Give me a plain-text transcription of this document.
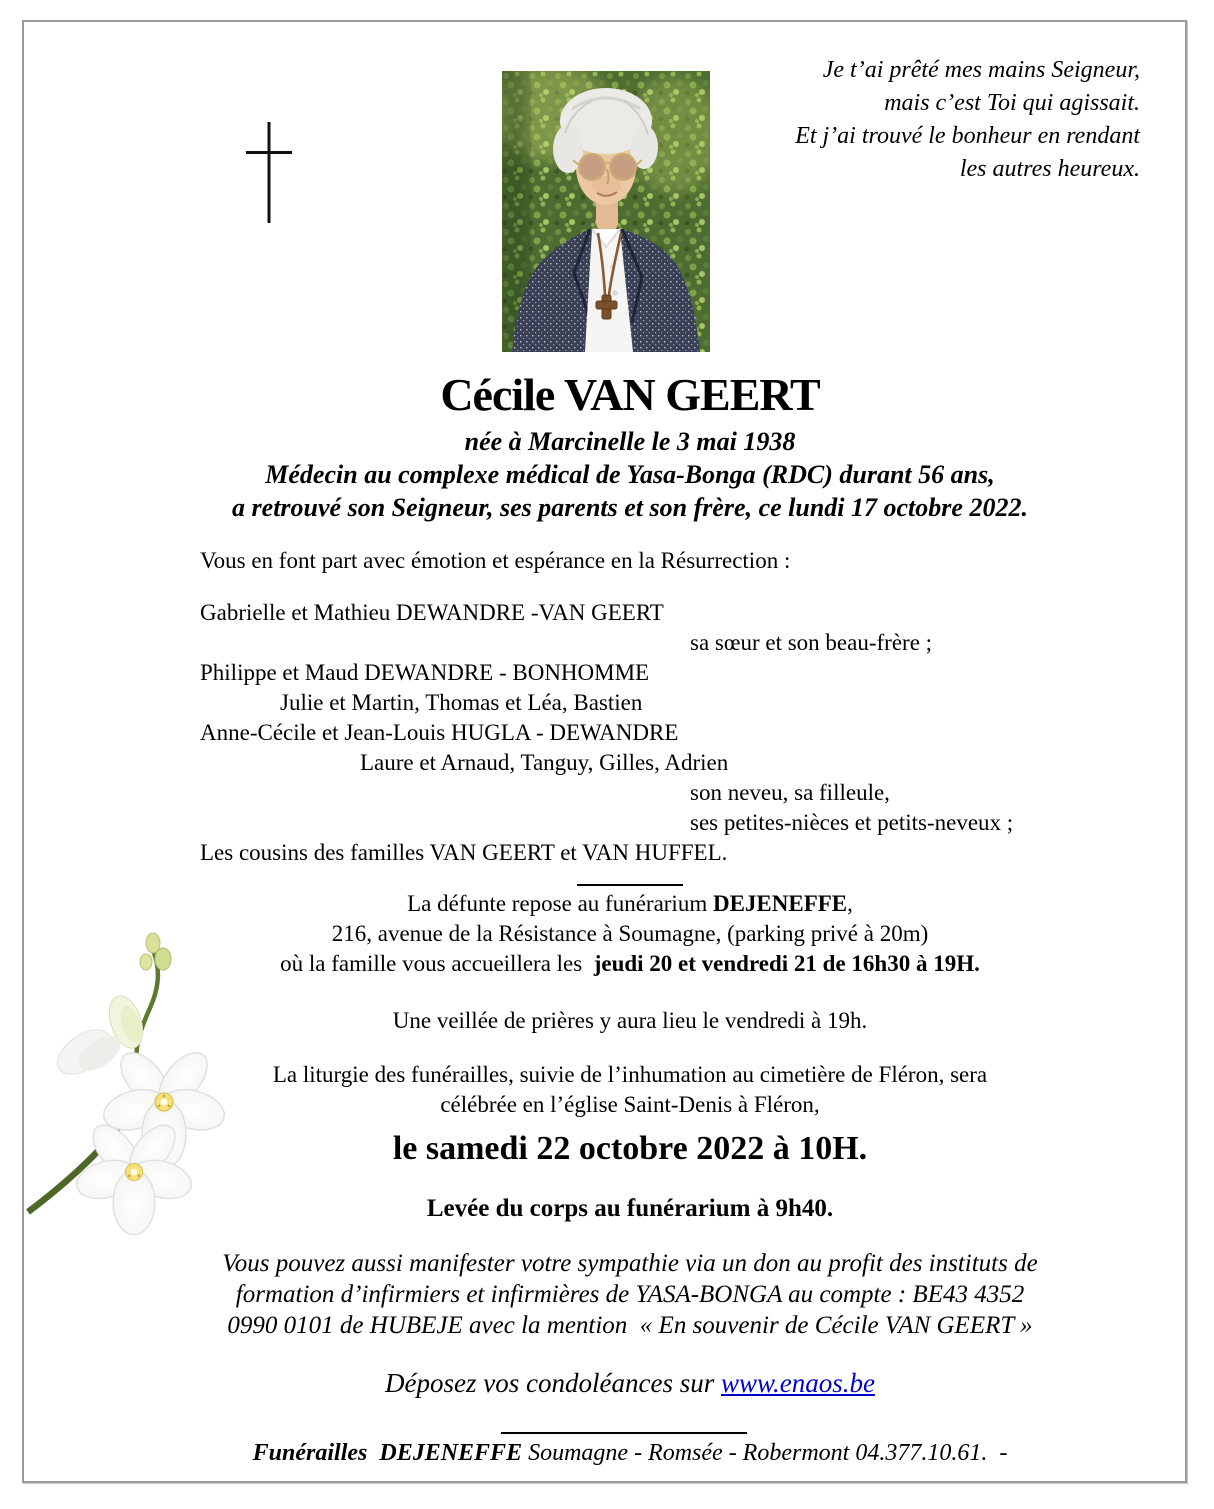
Je t’ai prêté mes mains Seigneur,
mais c’est Toi qui agissait.
Et j’ai trouvé le bonheur en rendant
les autres heureux.
Cécile VAN GEERT
née à Marcinelle le 3 mai 1938
Médecin au complexe médical de Yasa-Bonga (RDC) durant 56 ans,
a retrouvé son Seigneur, ses parents et son frère, ce lundi 17 octobre 2022.
Vous en font part avec émotion et espérance en la Résurrection :
Gabrielle et Mathieu DEWANDRE -VAN GEERT
sa sœur et son beau-frère ;
Philippe et Maud DEWANDRE - BONHOMME
Julie et Martin, Thomas et Léa, Bastien
Anne-Cécile et Jean-Louis HUGLA - DEWANDRE
Laure et Arnaud, Tanguy, Gilles, Adrien
son neveu, sa filleule,
ses petites-nièces et petits-neveux ;
Les cousins des familles VAN GEERT et VAN HUFFEL.
La défunte repose au funérarium DEJENEFFE,
216, avenue de la Résistance à Soumagne, (parking privé à 20m)
où la famille vous accueillera les  jeudi 20 et vendredi 21 de 16h30 à 19H.
Une veillée de prières y aura lieu le vendredi à 19h.
La liturgie des funérailles, suivie de l’inhumation au cimetière de Fléron, sera
célébrée en l’église Saint-Denis à Fléron,
le samedi 22 octobre 2022 à 10H.
Levée du corps au funérarium à 9h40.
Vous pouvez aussi manifester votre sympathie via un don au profit des instituts de
formation d’infirmiers et infirmières de YASA-BONGA au compte : BE43 4352
0990 0101 de HUBEJE avec la mention  « En souvenir de Cécile VAN GEERT »
Déposez vos condoléances sur www.enaos.be
Funérailles  DEJENEFFE Soumagne - Romsée - Robermont 04.377.10.61.  -
